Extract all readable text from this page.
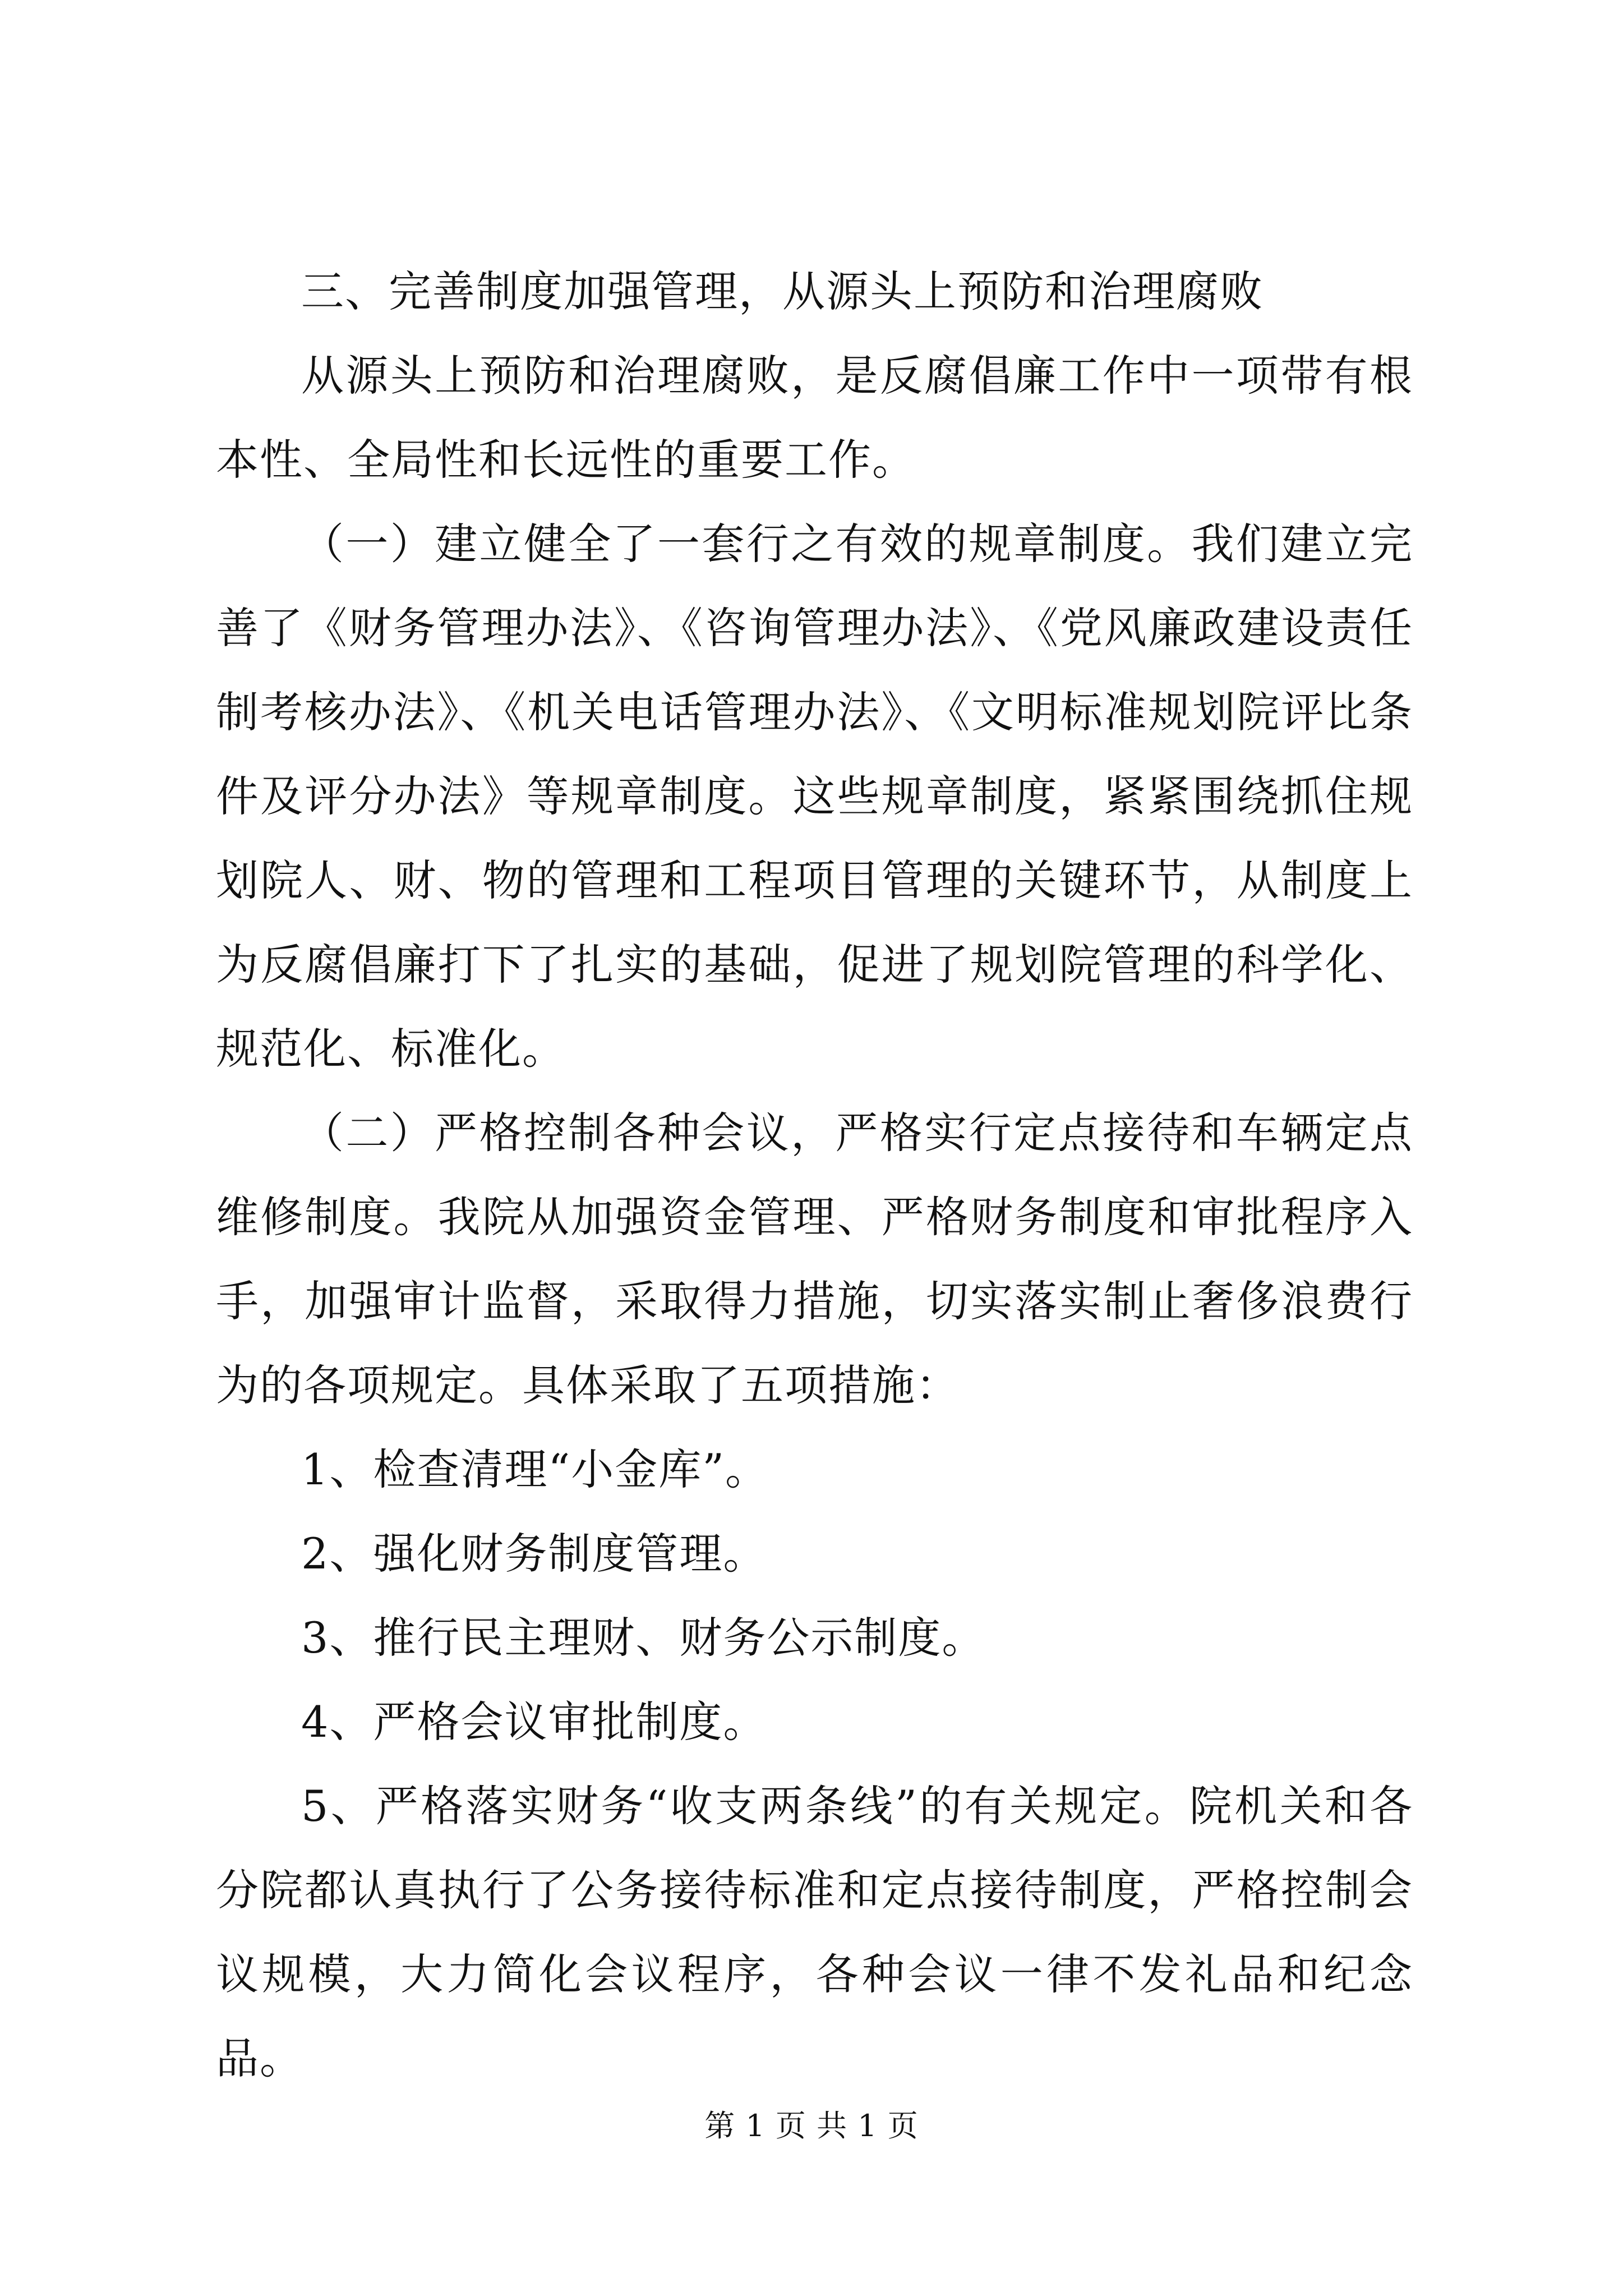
三、完善制度加强管理，从源头上预防和治理腐败

从源头上预防和治理腐败，是反腐倡廉工作中一项带有根本性、全局性和长远性的重要工作。

（一）建立健全了一套行之有效的规章制度。我们建立完善了《财务管理办法》、《咨询管理办法》、《党风廉政建设责任制考核办法》、《机关电话管理办法》、《文明标准规划院评比条件及评分办法》等规章制度。这些规章制度，紧紧围绕抓住规划院人、财、物的管理和工程项目管理的关键环节，从制度上为反腐倡廉打下了扎实的基础，促进了规划院管理的科学化、规范化、标准化。

（二）严格控制各种会议，严格实行定点接待和车辆定点维修制度。我院从加强资金管理、严格财务制度和审批程序入手，加强审计监督，采取得力措施，切实落实制止奢侈浪费行为的各项规定。具体采取了五项措施：

1、检查清理“小金库”。

2、强化财务制度管理。

3、推行民主理财、财务公示制度。

4、严格会议审批制度。

5、严格落实财务“收支两条线”的有关规定。院机关和各分院都认真执行了公务接待标准和定点接待制度，严格控制会议规模，大力简化会议程序，各种会议一律不发礼品和纪念品。

第 1 页 共 1 页
